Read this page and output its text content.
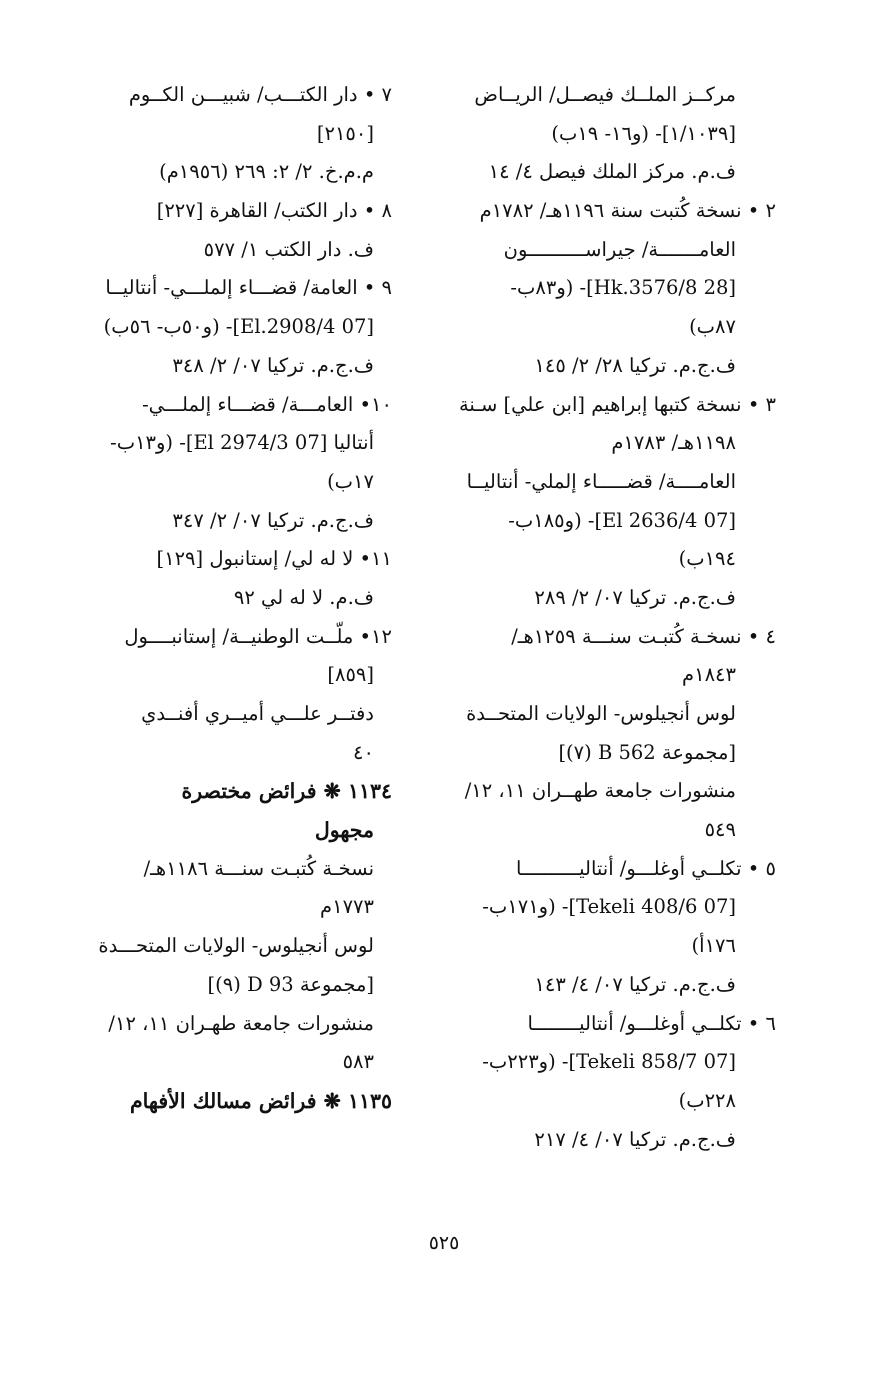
مركــز الملــك فيصــل/ الريــاض
[١/١٠٣٩]- (و١٦- ١٩ب)
ف.م. مركز الملك فيصل ٤/ ١٤
٢ • نسخة كُتبت سنة ١١٩٦هـ/ ١٧٨٢م
العامـــــــة/ جيراســــــــــون
[28 Hk.3576/8]- (و٨٣ب-
٨٧ب)
ف.ج.م. تركيا ٢٨/ ٢/ ١٤٥
٣ • نسخة كتبها إبراهيم [ابن علي] سـنة
١١٩٨هـ/ ١٧٨٣م
العامــــة/ قضـــــاء إلملي- أنتاليــا
[07 El 2636/4]- (و١٨٥ب-
١٩٤ب)
ف.ج.م. تركيا ٠٧/ ٢/ ٢٨٩
٤ • نسخـة كُتبـت سنـــة ١٢٥٩هـ/
١٨٤٣م
لوس أنجيلوس- الولايات المتحــدة
[مجموعة B 562 (٧)]
منشورات جامعة طهــران ١١، ١٢/
٥٤٩
٥ • تكلــي أوغلـــو/ أنتاليــــــــــا
[07 Tekeli 408/6]- (و١٧١ب-
١٧٦أ)
ف.ج.م. تركيا ٠٧/ ٤/ ١٤٣
٦ • تكلــي أوغلـــو/ أنتاليــــــــا
[07 Tekeli 858/7]- (و٢٢٣ب-
٢٢٨ب)
ف.ج.م. تركيا ٠٧/ ٤/ ٢١٧
٧ • دار الكتـــب/ شبيـــن الكــوم
[٢١٥٠]
م.م.خ. ٢/ ٢: ٢٦٩ (١٩٥٦م)
٨ • دار الكتب/ القاهرة [٢٢٧]
ف. دار الكتب ١/ ٥٧٧
٩ • العامة/ قضـــاء إلملـــي- أنتاليــا
[07 El.2908/4]- (و٥٠ب- ٥٦ب)
ف.ج.م. تركيا ٠٧/ ٢/ ٣٤٨
١٠• العامـــة/ قضـــاء إلملـــي-
أنتاليا [07 El 2974/3]- (و١٣ب-
١٧ب)
ف.ج.م. تركيا ٠٧/ ٢/ ٣٤٧
١١• لا له لي/ إستانبول [١٢٩]
ف.م. لا له لي ٩٢
١٢• ملّــت الوطنيــة/ إستانبــــول
[٨٥٩]
دفتــر علـــي أميــري أفنــدي
٤٠
١١٣٤ ❋ فرائض مختصرة
مجهول
نسخـة كُتبـت سنـــة ١١٨٦هـ/
١٧٧٣م
لوس أنجيلوس- الولايات المتحـــدة
[مجموعة D 93 (٩)]
منشورات جامعة طهـران ١١، ١٢/
٥٨٣
١١٣٥ ❋ فرائض مسالك الأفهام
٥٢٥
